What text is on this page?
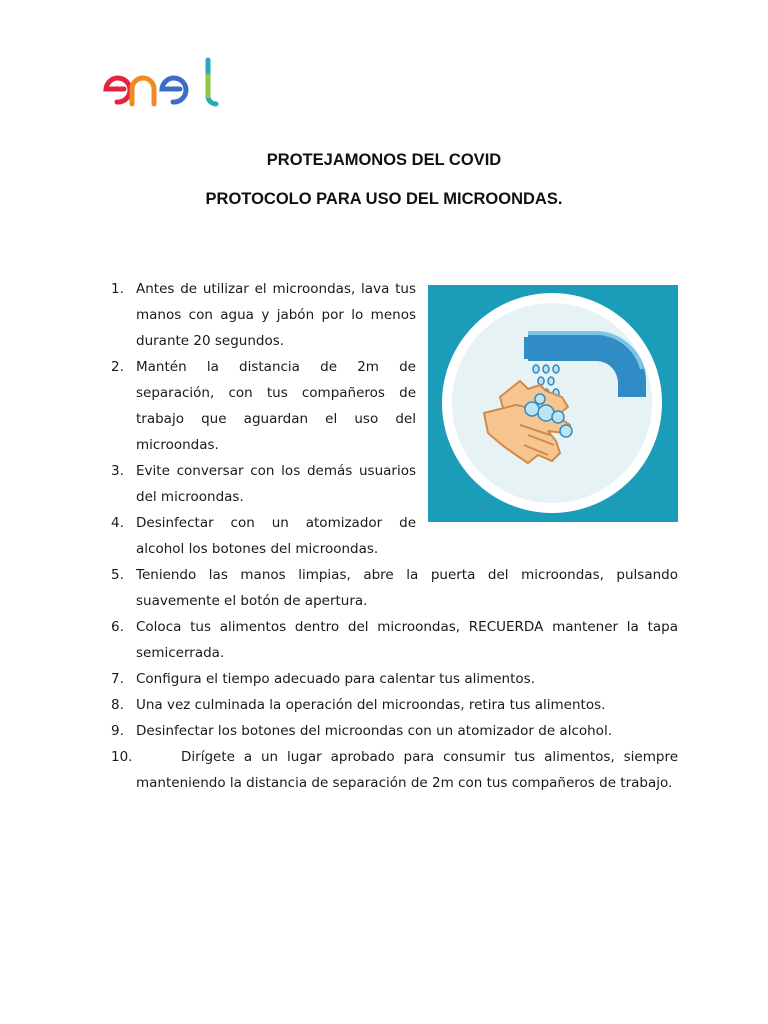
PROTEJAMONOS DEL COVID

PROTOCOLO PARA USO DEL MICROONDAS.

1. Antes de utilizar el microondas, lava tus manos con agua y jabón por lo menos durante 20 segundos.
2. Mantén la distancia de 2m de separación, con tus compañeros de trabajo que aguardan el uso del microondas.
3. Evite conversar con los demás usuarios del microondas.
4. Desinfectar con un atomizador de alcohol los botones del microondas.
5. Teniendo las manos limpias, abre la puerta del microondas, pulsando suavemente el botón de apertura.
6. Coloca tus alimentos dentro del microondas, RECUERDA mantener la tapa semicerrada.
7. Configura el tiempo adecuado para calentar tus alimentos.
8. Una vez culminada la operación del microondas, retira tus alimentos.
9. Desinfectar los botones del microondas con un atomizador de alcohol.
10.	Dirígete a un lugar aprobado para consumir tus alimentos, siempre manteniendo la distancia de separación de 2m con tus compañeros de trabajo.
